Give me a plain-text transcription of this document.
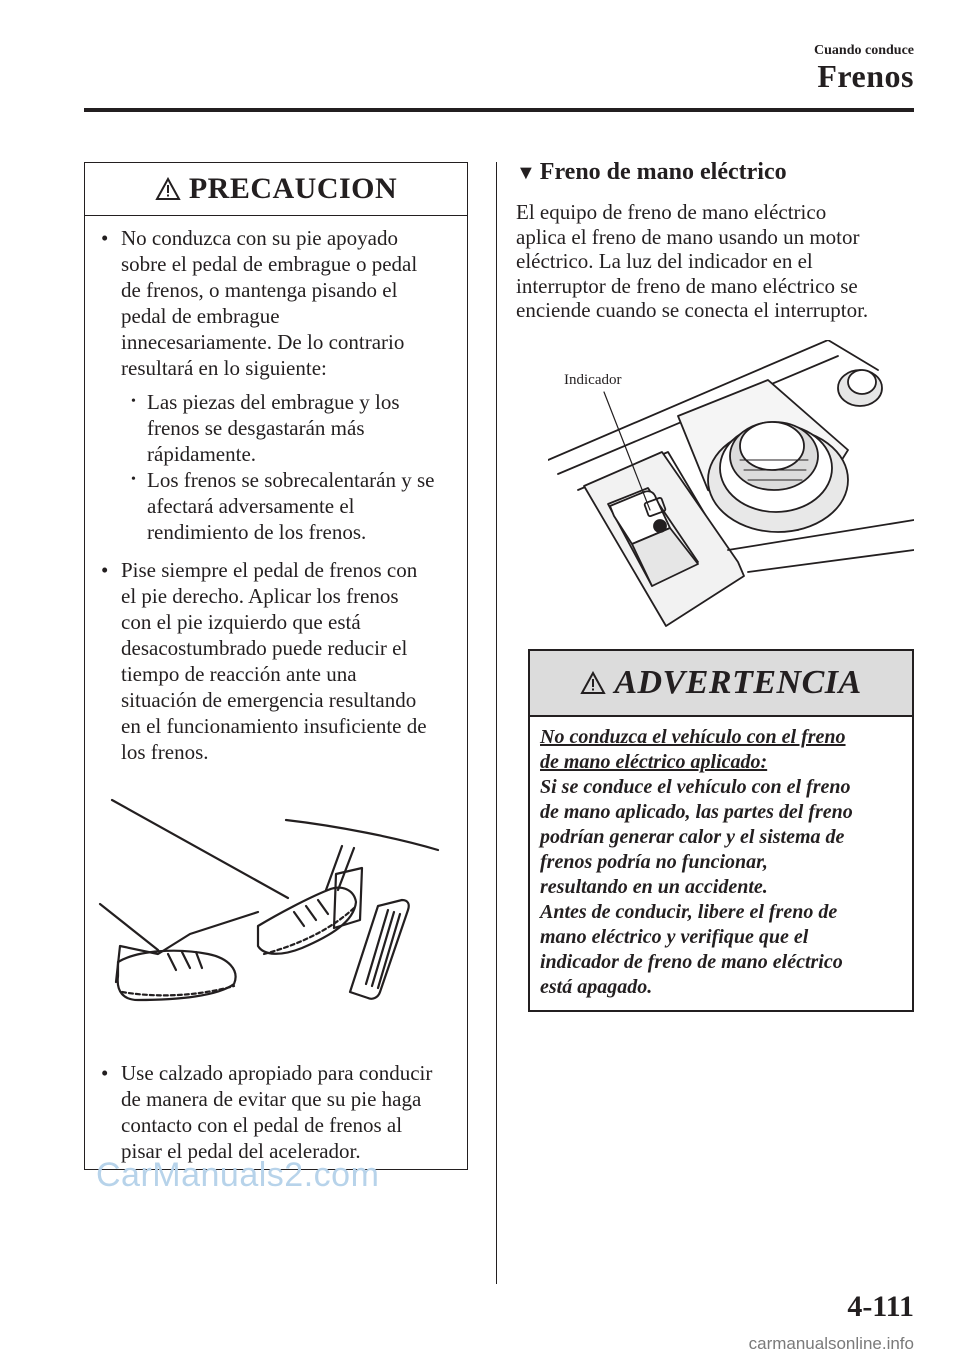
Cuando conduce
Frenos
PRECAUCION
• No conduzca con su pie apoyado
sobre el pedal de embrague o pedal
de frenos, o mantenga pisando el
pedal de embrague
innecesariamente. De lo contrario
resultará en lo siguiente:
• Las piezas del embrague y los
frenos se desgastarán más
rápidamente.
• Los frenos se sobrecalentarán y se
afectará adversamente el
rendimiento de los frenos.
• Pise siempre el pedal de frenos con
el pie derecho. Aplicar los frenos
con el pie izquierdo que está
desacostumbrado puede reducir el
tiempo de reacción ante una
situación de emergencia resultando
en el funcionamiento insuficiente de
los frenos.
• Use calzado apropiado para conducir
de manera de evitar que su pie haga
contacto con el pedal de frenos al
pisar el pedal del acelerador.
▼ Freno de mano eléctrico
El equipo de freno de mano eléctrico
aplica el freno de mano usando un motor
eléctrico. La luz del indicador en el
interruptor de freno de mano eléctrico se
enciende cuando se conecta el interruptor.
Indicador
ADVERTENCIA
No conduzca el vehículo con el freno
de mano eléctrico aplicado:
Si se conduce el vehículo con el freno
de mano aplicado, las partes del freno
podrían generar calor y el sistema de
frenos podría no funcionar,
resultando en un accidente.
Antes de conducir, libere el freno de
mano eléctrico y verifique que el
indicador de freno de mano eléctrico
está apagado.
CarManuals2.com
4-111
carmanualsonline.info
